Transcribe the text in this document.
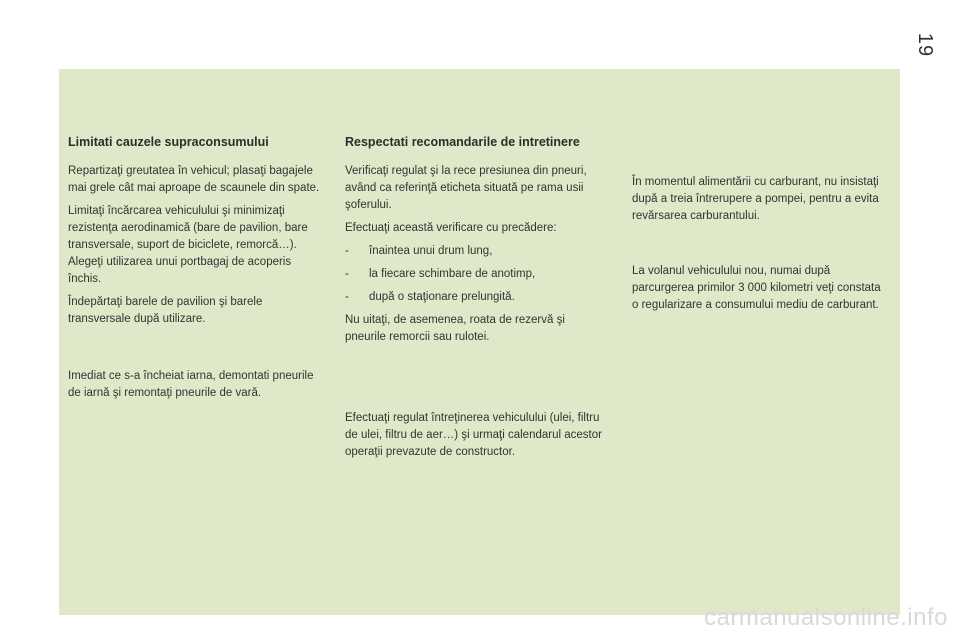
19
Limitati cauzele supraconsumului

Repartizaţi greutatea în vehicul; plasaţi bagajele mai grele cât mai aproape de scaunele din spate.

Limitaţi încărcarea vehiculului şi minimizaţi rezistenţa aerodinamică (bare de pavilion, bare transversale, suport de biciclete, remorcă…). Alegeţi utilizarea unui portbagaj de acoperis închis.

Îndepărtaţi barele de pavilion şi barele transversale după utilizare.

Imediat ce s-a încheiat iarna, demontati pneurile de iarnă şi remontaţi pneurile de vară.

Respectati recomandarile de intretinere

Verificaţi regulat şi la rece presiunea din pneuri, având ca referinţă eticheta situată pe rama usii şoferului.

Efectuaţi această verificare cu precădere:

-	înaintea unui drum lung,

-	la fiecare schimbare de anotimp,

-	după o staţionare prelungită.

Nu uitaţi, de asemenea, roata de rezervă şi pneurile remorcii sau rulotei.

Efectuaţi regulat întreţinerea vehiculului (ulei, filtru de ulei, filtru de aer…) şi urmaţi calendarul acestor operaţii prevazute de constructor.

În momentul alimentării cu carburant, nu insistaţi după a treia întrerupere a pompei, pentru a evita revărsarea carburantului.

La volanul vehiculului nou, numai după parcurgerea primilor 3 000 kilometri veţi constata o regularizare a consumului mediu de carburant.

carmanualsonline.info
